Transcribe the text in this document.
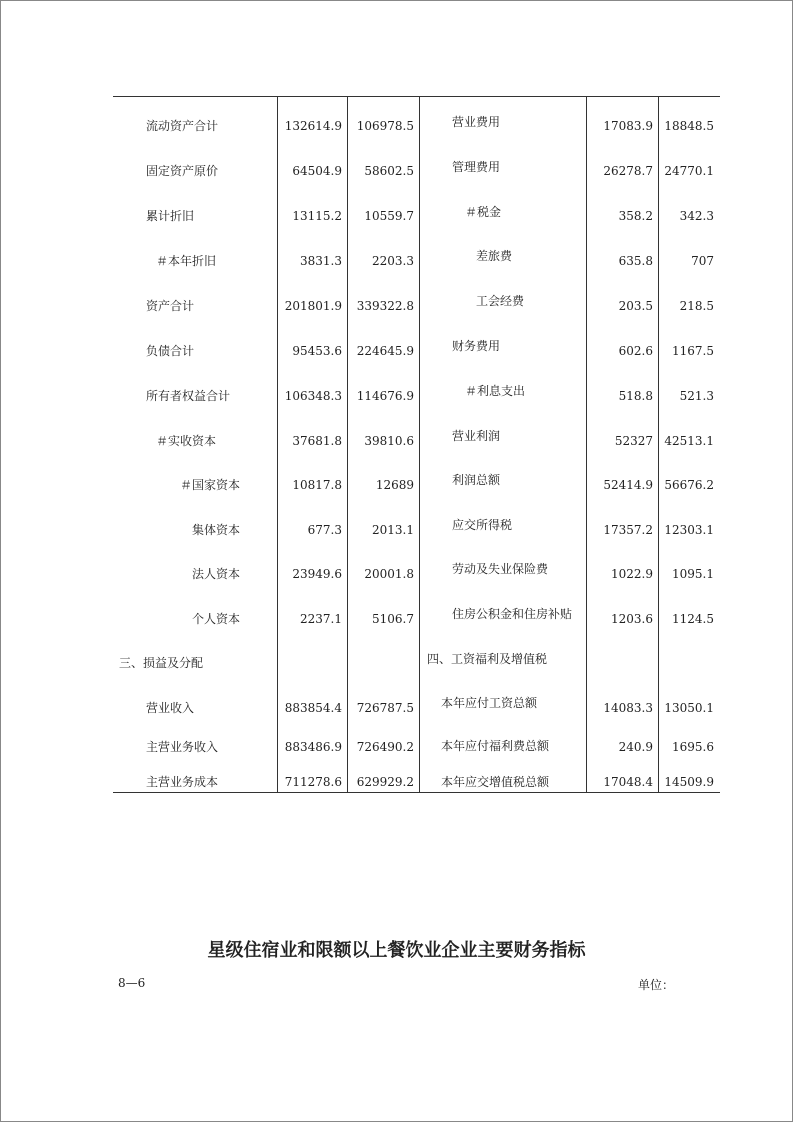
流动资产合计	132614.9 106978.5	营业费用	17083.9 18848.5
固定资产原价	64504.9 58602.5	管理费用	26278.7 24770.1
累计折旧	13115.2 10559.7	＃税金	358.2 342.3
＃本年折旧	3831.3	2203.3	差旅费	635.8	707
资产合计	201801.9 339322.8	工会经费	203.5 218.5
负债合计	95453.6 224645.9	财务费用	602.6 1167.5
所有者权益合计	106348.3 114676.9	＃利息支出	518.8 521.3
＃实收资本	37681.8 39810.6	营业利润	52327 42513.1
＃国家资本	10817.8	12689	利润总额	52414.9 56676.2
集体资本	677.3	2013.1	应交所得税	17357.2 12303.1
法人资本	23949.6 20001.8	劳动及失业保险费	1022.9 1095.1
个人资本	2237.1	5106.7	住房公积金和住房补贴	1203.6 1124.5
三、损益及分配	四、工资福利及增值税
营业收入	883854.4 726787.5 本年应付工资总额	14083.3 13050.1
主营业务收入	883486.9 726490.2 本年应付福利费总额	240.9 1695.6
主营业务成本	711278.6 629929.2 本年应交增值税总额	17048.4 14509.9
星级住宿业和限额以上餐饮业企业主要财务指标
8—6	单位：
